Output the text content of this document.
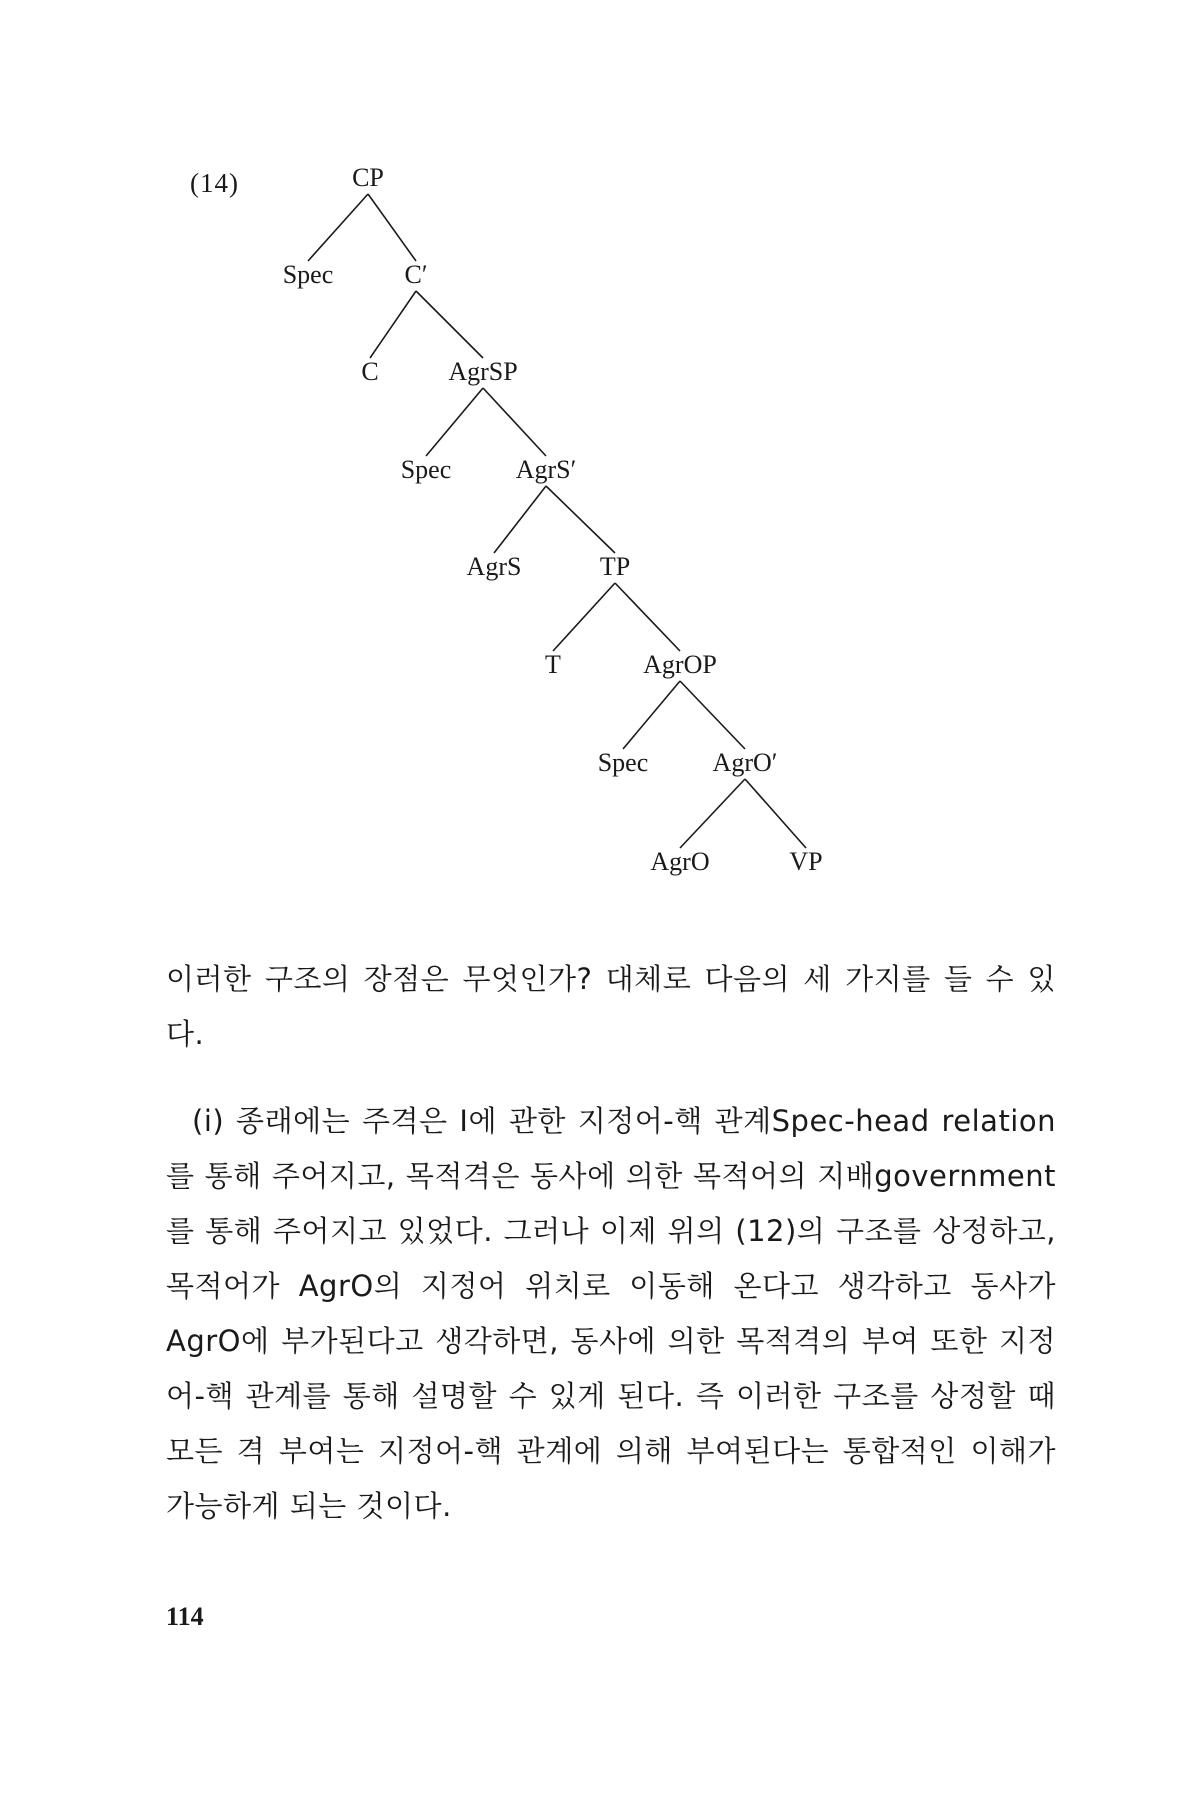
(14)	CP
Spec	C′
C	AgrSP
Spec AgrS′
AgrS	TP
T	AgrOP
Spec AgrO′
AgrO	VP

이러한 구조의 장점은 무엇인가? 대체로 다음의 세 가지를 들 수 있다.

(i) 종래에는 주격은 I에 관한 지정어-핵 관계Spec-head relation를 통해 주어지고, 목적격은 동사에 의한 목적어의 지배government를 통해 주어지고 있었다. 그러나 이제 위의 (12)의 구조를 상정하고, 목적어가 AgrO의 지정어 위치로 이동해 온다고 생각하고 동사가 AgrO에 부가된다고 생각하면, 동사에 의한 목적격의 부여 또한 지정어-핵 관계를 통해 설명할 수 있게 된다. 즉 이러한 구조를 상정할 때 모든 격 부여는 지정어-핵 관계에 의해 부여된다는 통합적인 이해가 가능하게 되는 것이다.

114
